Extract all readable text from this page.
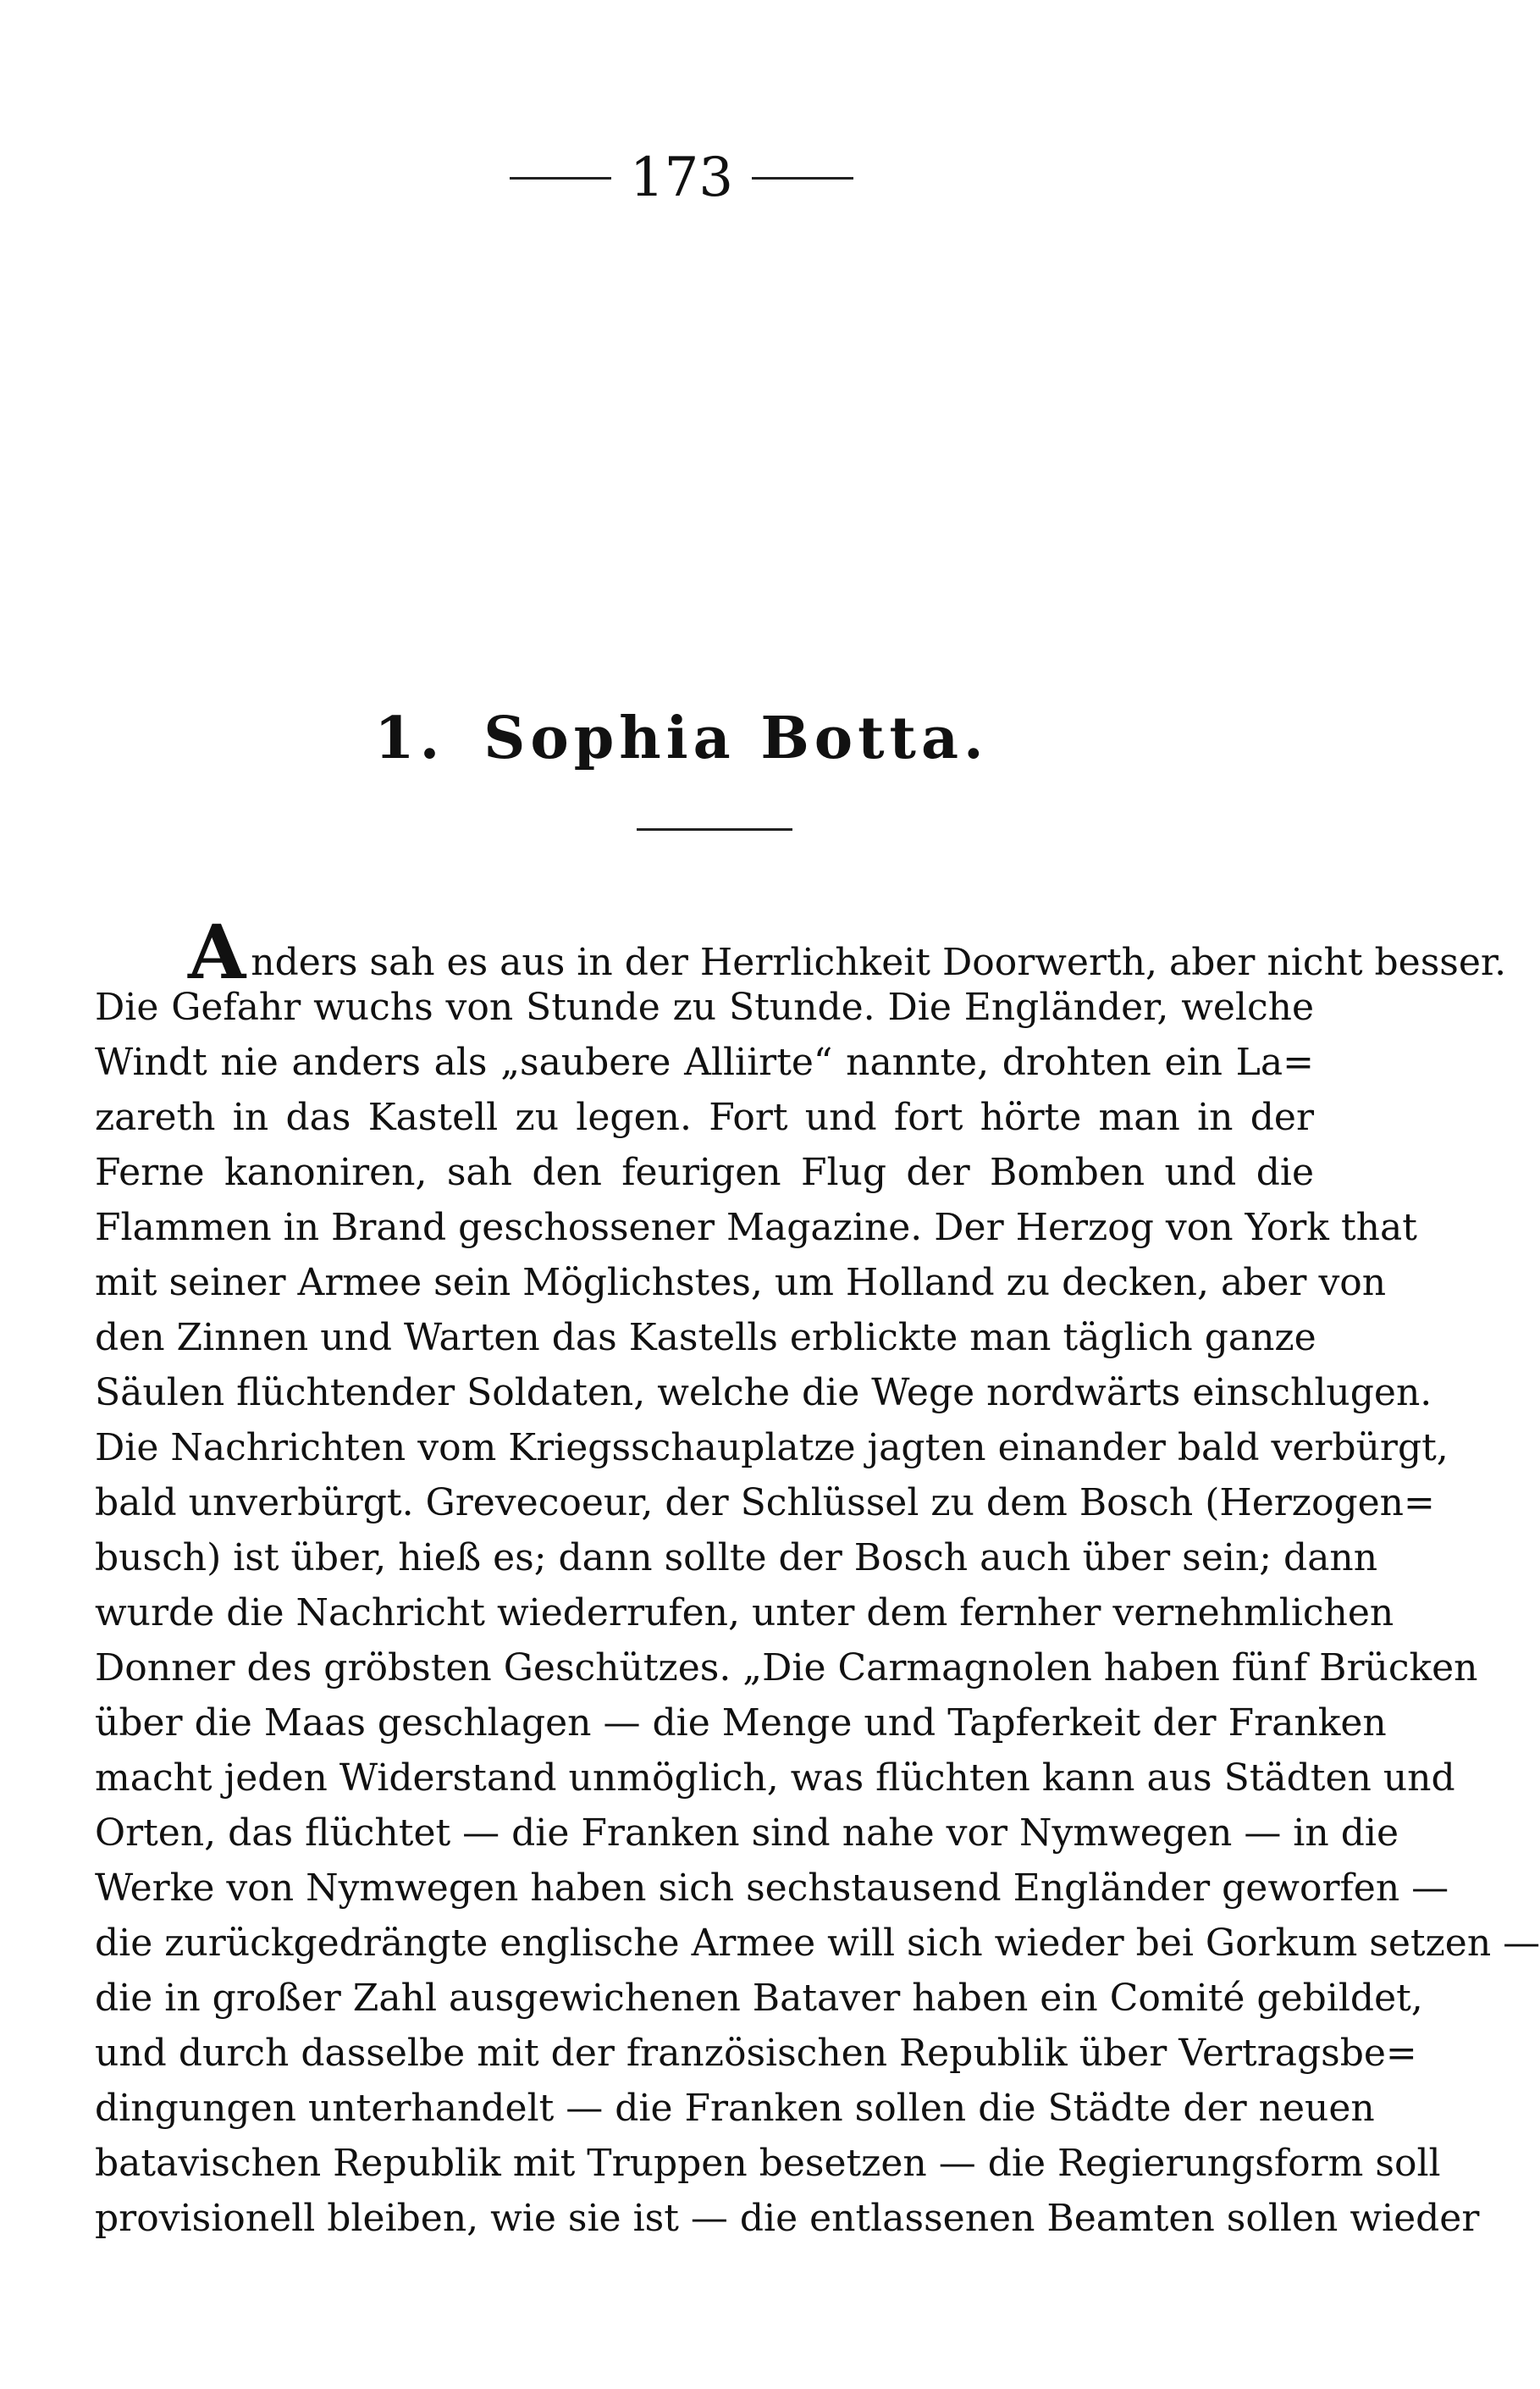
173
1. Sophia Botta.
Anders sah es aus in der Herrlichkeit Doorwerth, aber nicht besser.
Die Gefahr wuchs von Stunde zu Stunde. Die Engländer, welche
Windt nie anders als „saubere Alliirte“ nannte, drohten ein La=
zareth in das Kastell zu legen. Fort und fort hörte man in der
Ferne kanoniren, sah den feurigen Flug der Bomben und die
Flammen in Brand geschossener Magazine. Der Herzog von York that
mit seiner Armee sein Möglichstes, um Holland zu decken, aber von
den Zinnen und Warten das Kastells erblickte man täglich ganze
Säulen flüchtender Soldaten, welche die Wege nordwärts einschlugen.
Die Nachrichten vom Kriegsschauplatze jagten einander bald verbürgt,
bald unverbürgt. Grevecoeur, der Schlüssel zu dem Bosch (Herzogen=
busch) ist über, hieß es; dann sollte der Bosch auch über sein; dann
wurde die Nachricht wiederrufen, unter dem fernher vernehmlichen
Donner des gröbsten Geschützes. „Die Carmagnolen haben fünf Brücken
über die Maas geschlagen — die Menge und Tapferkeit der Franken
macht jeden Widerstand unmöglich, was flüchten kann aus Städten und
Orten, das flüchtet — die Franken sind nahe vor Nymwegen — in die
Werke von Nymwegen haben sich sechstausend Engländer geworfen —
die zurückgedrängte englische Armee will sich wieder bei Gorkum setzen —
die in großer Zahl ausgewichenen Bataver haben ein Comité gebildet,
und durch dasselbe mit der französischen Republik über Vertragsbe=
dingungen unterhandelt — die Franken sollen die Städte der neuen
batavischen Republik mit Truppen besetzen — die Regierungsform soll
provisionell bleiben, wie sie ist — die entlassenen Beamten sollen wieder
